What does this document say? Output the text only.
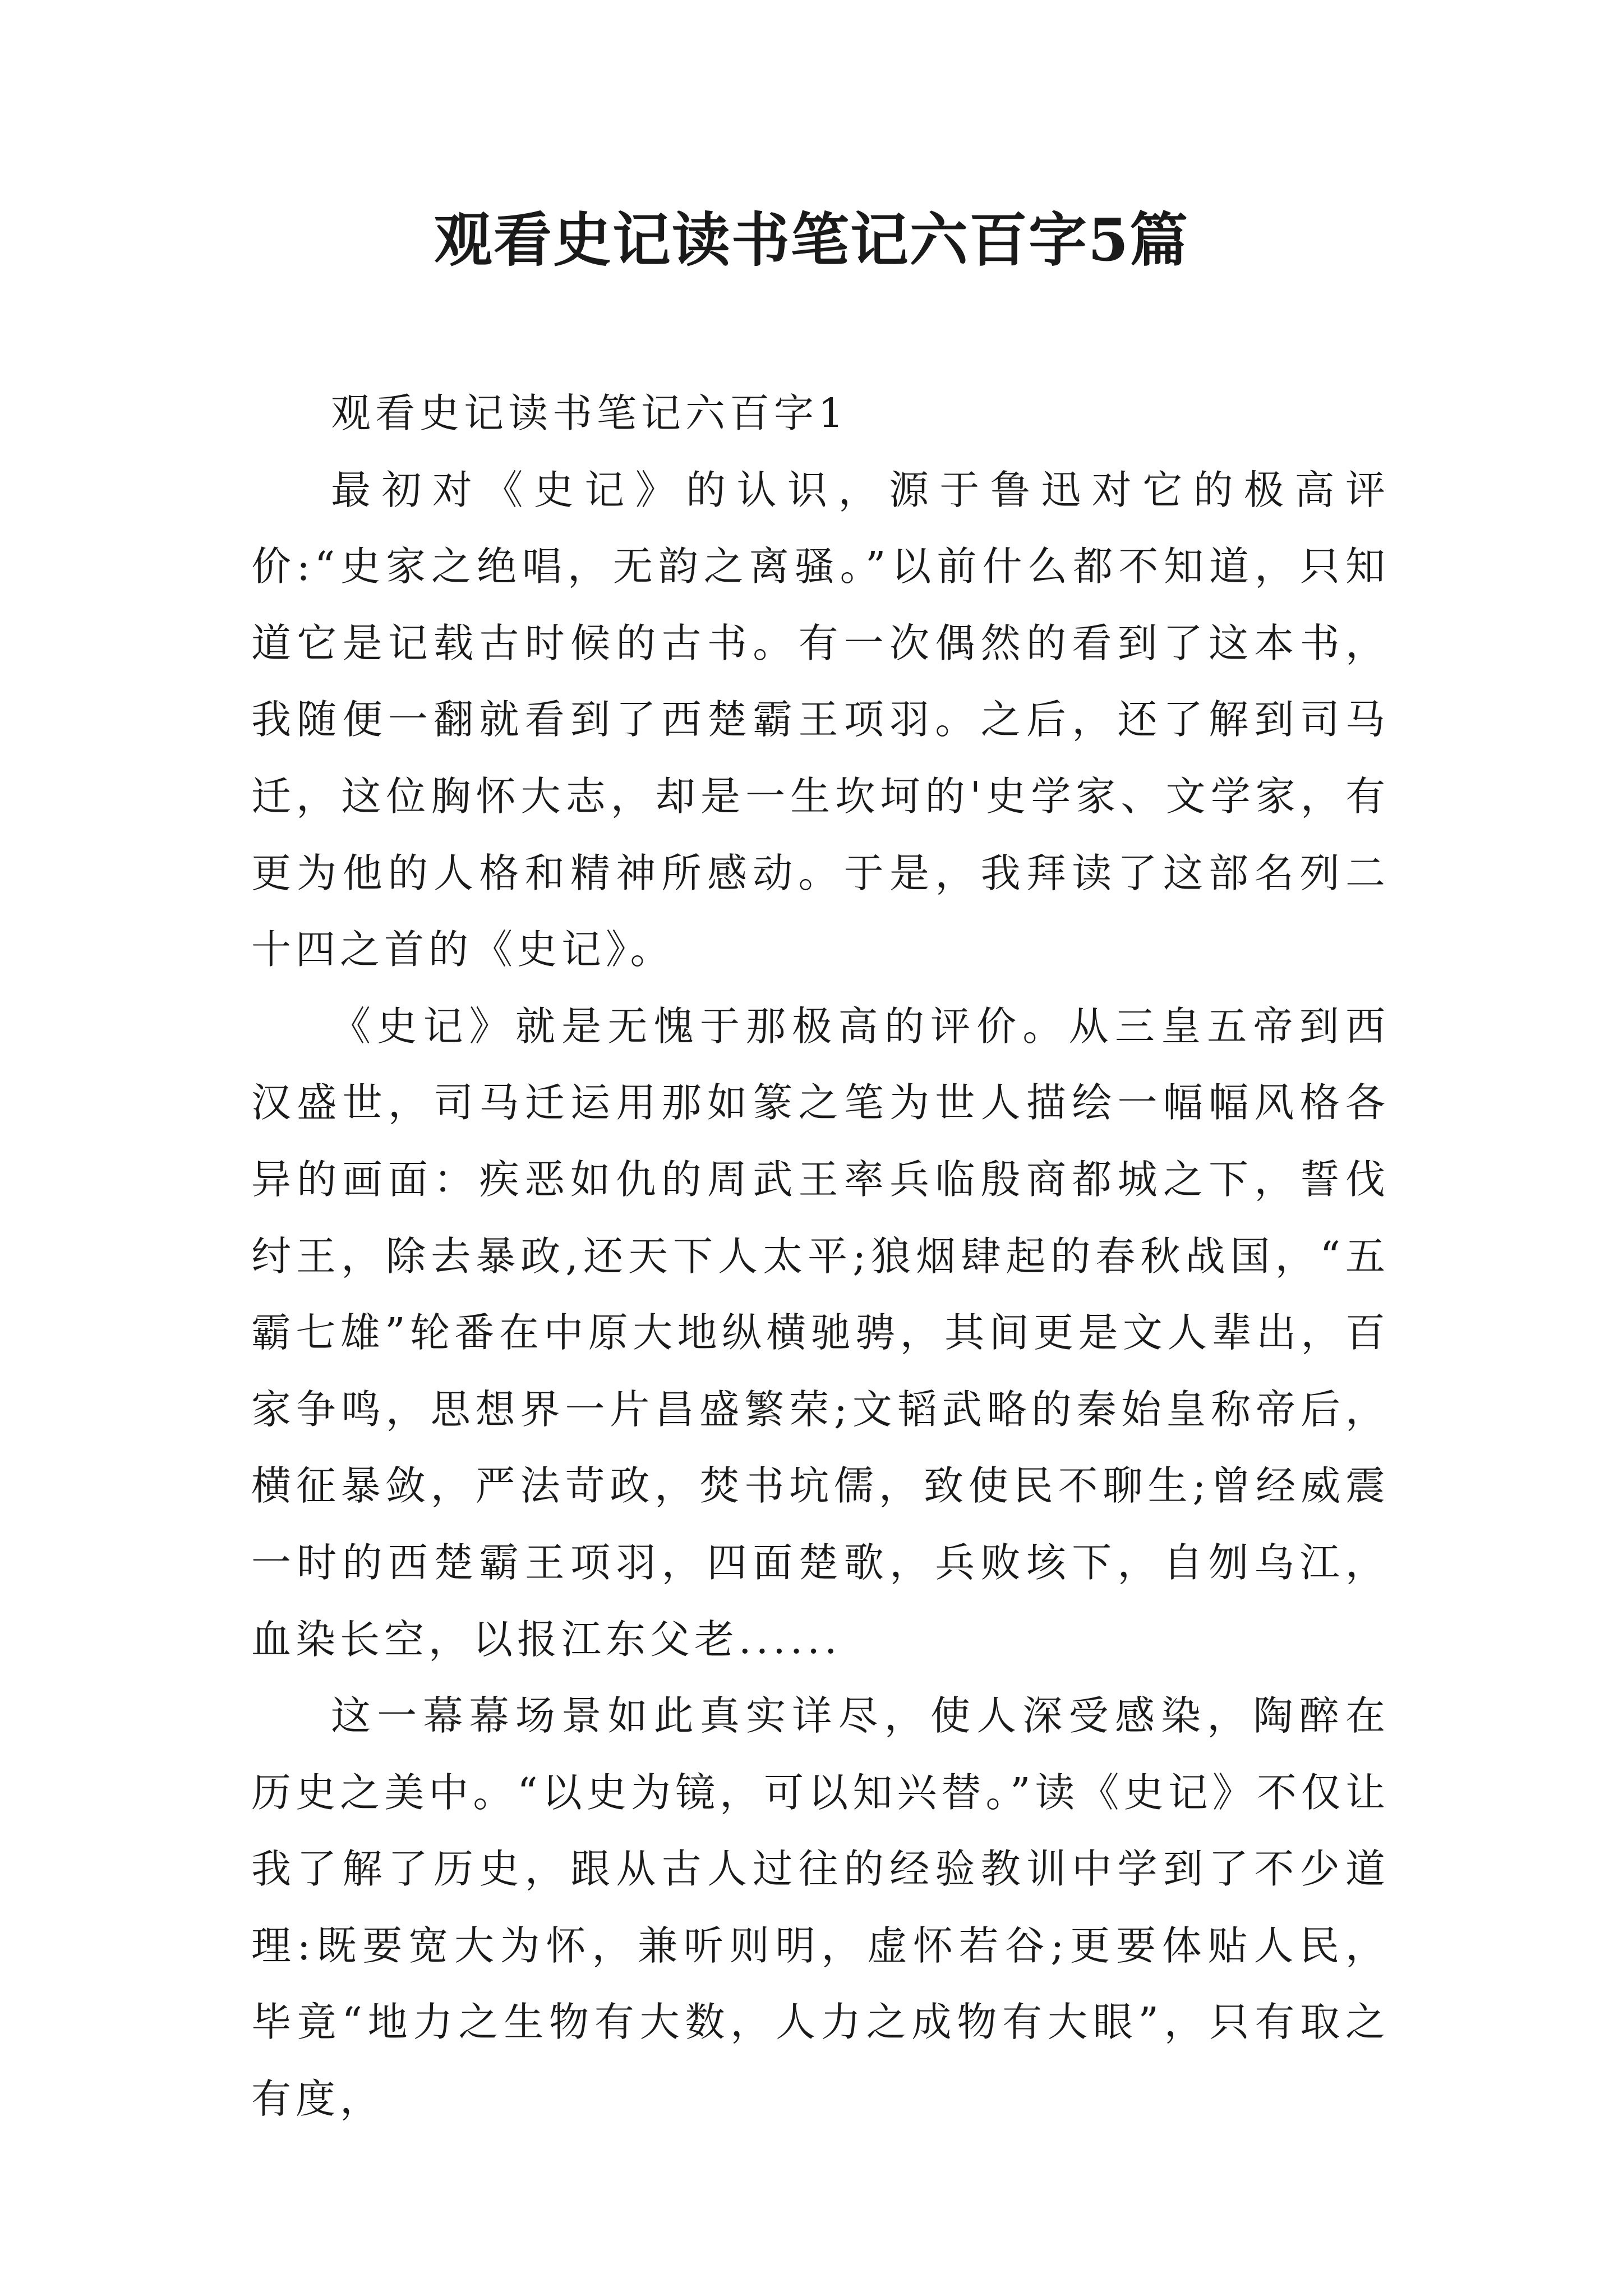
观看史记读书笔记六百字5篇

观看史记读书笔记六百字1

最初对《史记》的认识，源于鲁迅对它的极高评价:“史家之绝唱，无韵之离骚。”以前什么都不知道，只知道它是记载古时候的古书。有一次偶然的看到了这本书，我随便一翻就看到了西楚霸王项羽。之后，还了解到司马迁，这位胸怀大志，却是一生坎坷的'史学家、文学家，有更为他的人格和精神所感动。于是，我拜读了这部名列二十四之首的《史记》。

《史记》就是无愧于那极高的评价。从三皇五帝到西汉盛世，司马迁运用那如篆之笔为世人描绘一幅幅风格各异的画面：疾恶如仇的周武王率兵临殷商都城之下，誓伐纣王，除去暴政,还天下人太平;狼烟肆起的春秋战国，“五霸七雄”轮番在中原大地纵横驰骋，其间更是文人辈出，百家争鸣，思想界一片昌盛繁荣;文韬武略的秦始皇称帝后，横征暴敛，严法苛政，焚书坑儒，致使民不聊生;曾经威震一时的西楚霸王项羽，四面楚歌，兵败垓下，自刎乌江，血染长空，以报江东父老......

这一幕幕场景如此真实详尽，使人深受感染，陶醉在历史之美中。“以史为镜，可以知兴替。”读《史记》不仅让我了解了历史，跟从古人过往的经验教训中学到了不少道理:既要宽大为怀，兼听则明，虚怀若谷;更要体贴人民，毕竟“地力之生物有大数，人力之成物有大眼”，只有取之有度，
